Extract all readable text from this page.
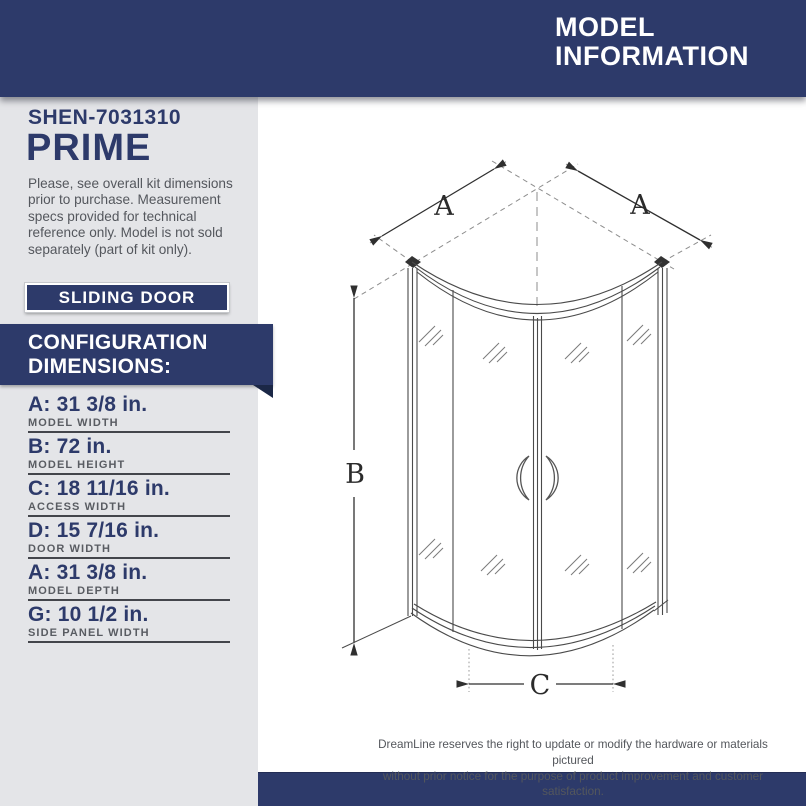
MODEL
INFORMATION
A	A
B
C
SHEN-7031310
PRIME
Please, see overall kit dimensions prior to purchase. Measurement specs provided for technical reference only. Model is not sold separately (part of kit only).
SLIDING DOOR
CONFIGURATION
DIMENSIONS:
A: 31 3/8 in.
MODEL WIDTH
B: 72 in.
MODEL HEIGHT
C: 18 11/16 in.
ACCESS WIDTH
D: 15 7/16 in.
DOOR WIDTH
A: 31 3/8 in.
MODEL DEPTH
G: 10 1/2 in.
SIDE PANEL WIDTH
DreamLine reserves the right to update or modify the hardware or materials pictured
without prior notice for the purpose of product improvement and customer satisfaction.
